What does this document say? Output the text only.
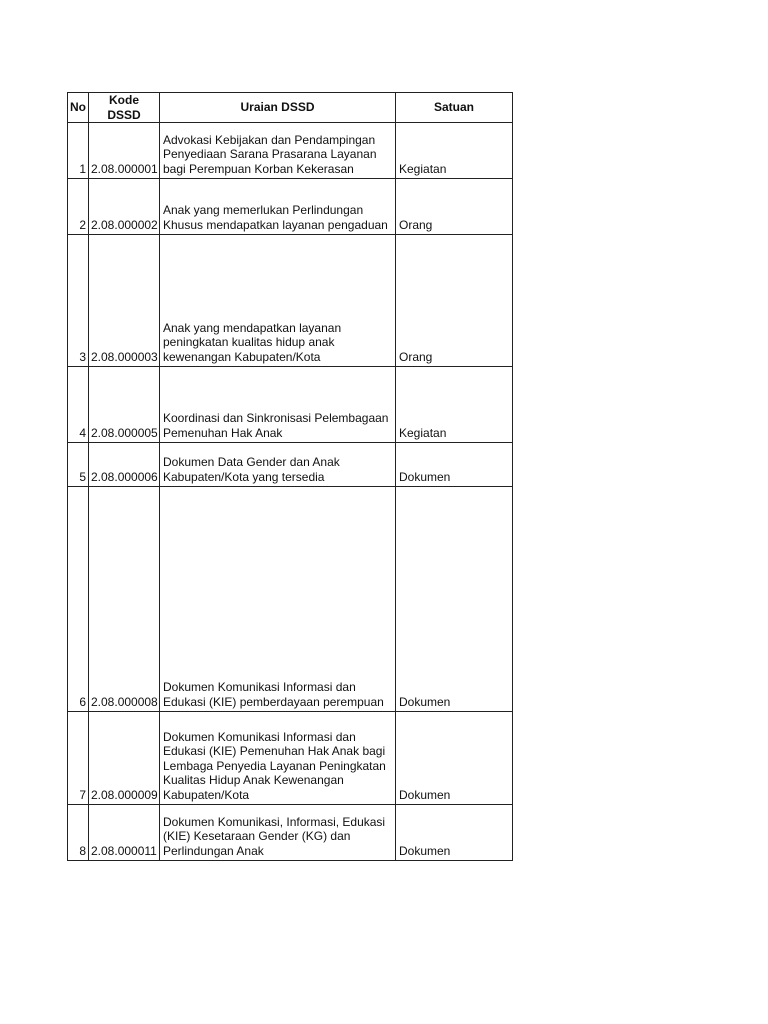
No	Kode DSSD	Uraian DSSD	Satuan
1	2.08.000001	Advokasi Kebijakan dan Pendampingan Penyediaan Sarana Prasarana Layanan bagi Perempuan Korban Kekerasan	Kegiatan
2	2.08.000002	Anak yang memerlukan Perlindungan Khusus mendapatkan layanan pengaduan	Orang
3	2.08.000003	Anak yang mendapatkan layanan peningkatan kualitas hidup anak kewenangan Kabupaten/Kota	Orang
4	2.08.000005	Koordinasi dan Sinkronisasi Pelembagaan Pemenuhan Hak Anak	Kegiatan
5	2.08.000006	Dokumen Data Gender dan Anak Kabupaten/Kota yang tersedia	Dokumen
6	2.08.000008	Dokumen Komunikasi Informasi dan Edukasi (KIE) pemberdayaan perempuan	Dokumen
7	2.08.000009	Dokumen Komunikasi Informasi dan Edukasi (KIE) Pemenuhan Hak Anak bagi Lembaga Penyedia Layanan Peningkatan Kualitas Hidup Anak Kewenangan Kabupaten/Kota	Dokumen
8	2.08.000011	Dokumen Komunikasi, Informasi, Edukasi (KIE) Kesetaraan Gender (KG) dan Perlindungan Anak	Dokumen
